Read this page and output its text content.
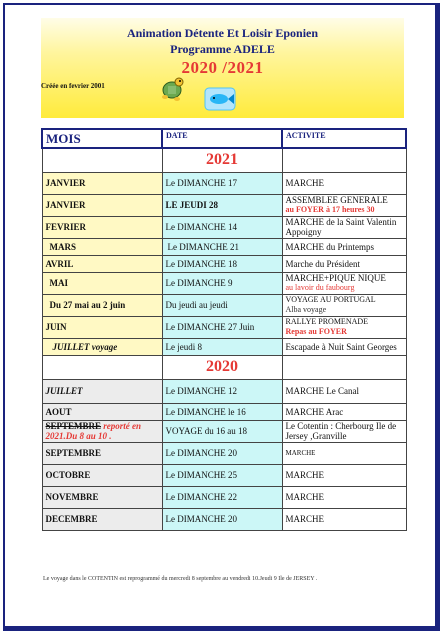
Animation Détente Et Loisir Eponien
Programme ADELE
2020 /2021
Créée en fevrier 2001
MOIS	DATE	ACTIVITE
	2021	
JANVIER	Le DIMANCHE 17	MARCHE

JANVIER	LE JEUDI 28	ASSEMBLEE GENERALE
au FOYER à 17 heures 30

FEVRIER	Le DIMANCHE 14	MARCHE de la Saint Valentin Appoigny

MARS	Le DIMANCHE 21	MARCHE du Printemps

AVRIL	Le DIMANCHE 18	Marche du Président

MAI	Le DIMANCHE 9	MARCHE+PIQUE NIQUE
au lavoir du faubourg

Du 27 mai au 2 juin	Du jeudi au jeudi	VOYAGE AU PORTUGAL
Alba voyage

JUIN	Le DIMANCHE 27 Juin	RALLYE PROMENADE
Repas au FOYER

JUILLET voyage	Le jeudi 8	Escapade à Nuit Saint Georges

	2020	
JUILLET	Le DIMANCHE 12	MARCHE Le Canal

AOUT	Le DIMANCHE le 16	MARCHE Arac

SEPTEMBRE reporté en 2021.Du 8 au 10 .	VOYAGE du 16 au 18	Le Cotentin : Cherbourg Ile de Jersey ,Granville

SEPTEMBRE	Le DIMANCHE 20	MARCHE

OCTOBRE	Le DIMANCHE 25	MARCHE

NOVEMBRE	Le DIMANCHE 22	MARCHE

DECEMBRE	Le DIMANCHE 20	MARCHE
Le voyage dans le COTENTIN est reprogrammé du mercredi 8 septembre au vendredi 10.Jeudi 9 Ile de JERSEY .
